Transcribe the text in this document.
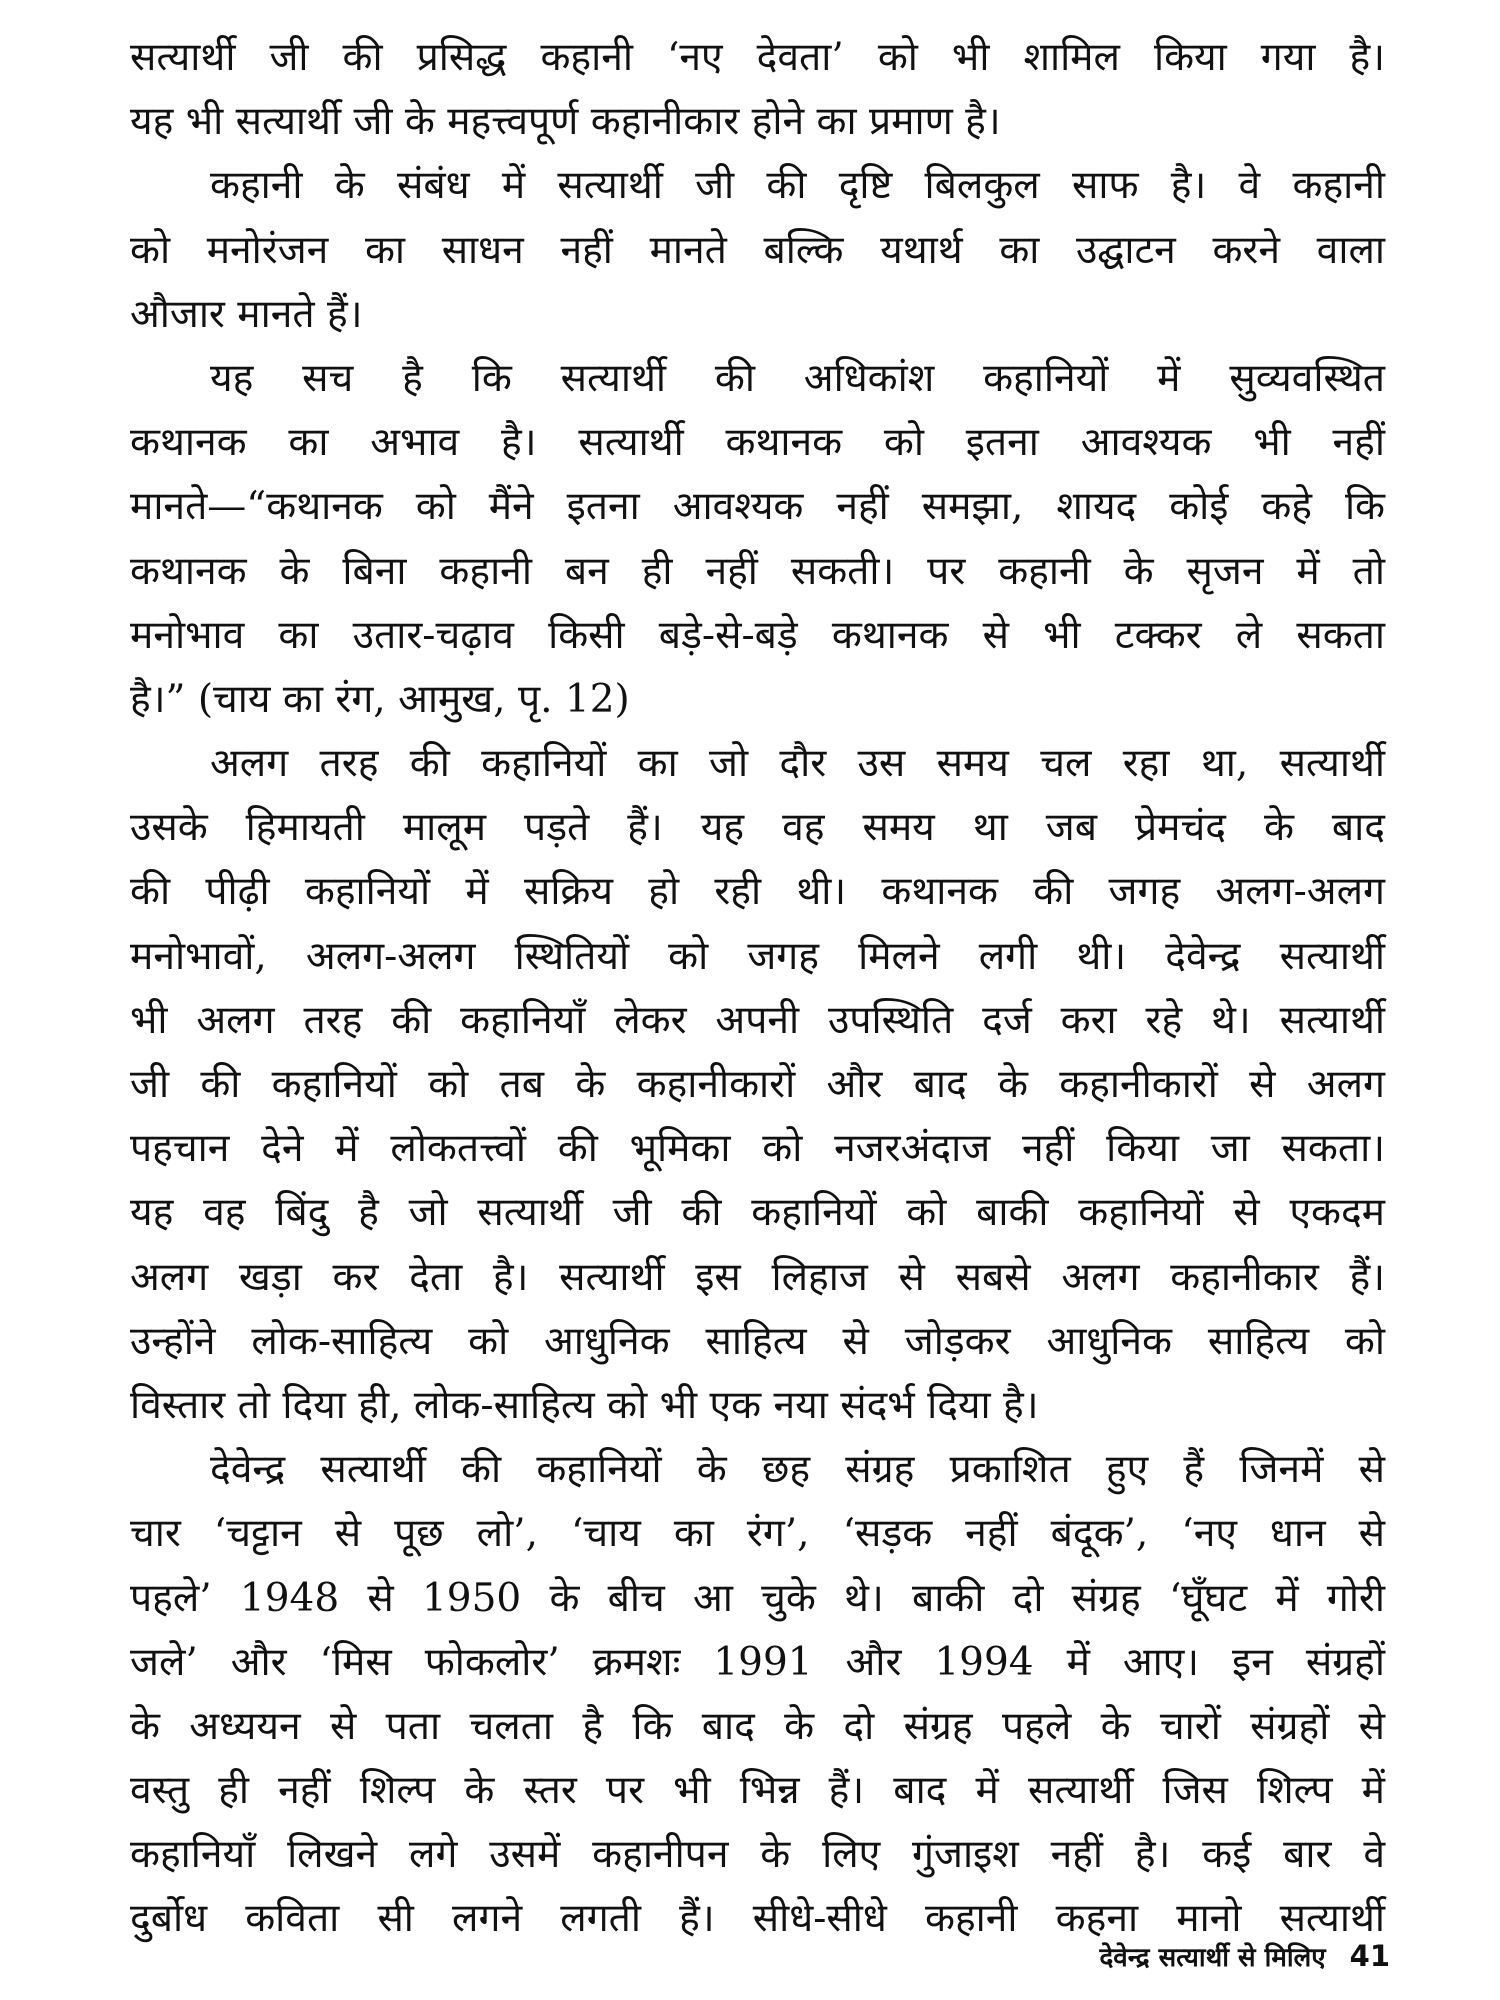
सत्यार्थी जी की प्रसिद्ध कहानी ‘नए देवता’ को भी शामिल किया गया है।
यह भी सत्यार्थी जी के महत्त्वपूर्ण कहानीकार होने का प्रमाण है।
कहानी के संबंध में सत्यार्थी जी की दृष्टि बिलकुल साफ है। वे कहानी
को मनोरंजन का साधन नहीं मानते बल्कि यथार्थ का उद्घाटन करने वाला
औजार मानते हैं।
यह सच है कि सत्यार्थी की अधिकांश कहानियों में सुव्यवस्थित
कथानक का अभाव है। सत्यार्थी कथानक को इतना आवश्यक भी नहीं
मानते—“कथानक को मैंने इतना आवश्यक नहीं समझा, शायद कोई कहे कि
कथानक के बिना कहानी बन ही नहीं सकती। पर कहानी के सृजन में तो
मनोभाव का उतार-चढ़ाव किसी बड़े-से-बड़े कथानक से भी टक्कर ले सकता
है।” (चाय का रंग, आमुख, पृ. 12)
अलग तरह की कहानियों का जो दौर उस समय चल रहा था, सत्यार्थी
उसके हिमायती मालूम पड़ते हैं। यह वह समय था जब प्रेमचंद के बाद
की पीढ़ी कहानियों में सक्रिय हो रही थी। कथानक की जगह अलग-अलग
मनोभावों, अलग-अलग स्थितियों को जगह मिलने लगी थी। देवेन्द्र सत्यार्थी
भी अलग तरह की कहानियाँ लेकर अपनी उपस्थिति दर्ज करा रहे थे। सत्यार्थी
जी की कहानियों को तब के कहानीकारों और बाद के कहानीकारों से अलग
पहचान देने में लोकतत्त्वों की भूमिका को नजरअंदाज नहीं किया जा सकता।
यह वह बिंदु है जो सत्यार्थी जी की कहानियों को बाकी कहानियों से एकदम
अलग खड़ा कर देता है। सत्यार्थी इस लिहाज से सबसे अलग कहानीकार हैं।
उन्होंने लोक-साहित्य को आधुनिक साहित्य से जोड़कर आधुनिक साहित्य को
विस्तार तो दिया ही, लोक-साहित्य को भी एक नया संदर्भ दिया है।
देवेन्द्र सत्यार्थी की कहानियों के छह संग्रह प्रकाशित हुए हैं जिनमें से
चार ‘चट्टान से पूछ लो’, ‘चाय का रंग’, ‘सड़क नहीं बंदूक’, ‘नए धान से
पहले’ 1948 से 1950 के बीच आ चुके थे। बाकी दो संग्रह ‘घूँघट में गोरी
जले’ और ‘मिस फोकलोर’ क्रमशः 1991 और 1994 में आए। इन संग्रहों
के अध्ययन से पता चलता है कि बाद के दो संग्रह पहले के चारों संग्रहों से
वस्तु ही नहीं शिल्प के स्तर पर भी भिन्न हैं। बाद में सत्यार्थी जिस शिल्प में
कहानियाँ लिखने लगे उसमें कहानीपन के लिए गुंजाइश नहीं है। कई बार वे
दुर्बोध कविता सी लगने लगती हैं। सीधे-सीधे कहानी कहना मानो सत्यार्थी
देवेन्द्र सत्यार्थी से मिलिए 41
